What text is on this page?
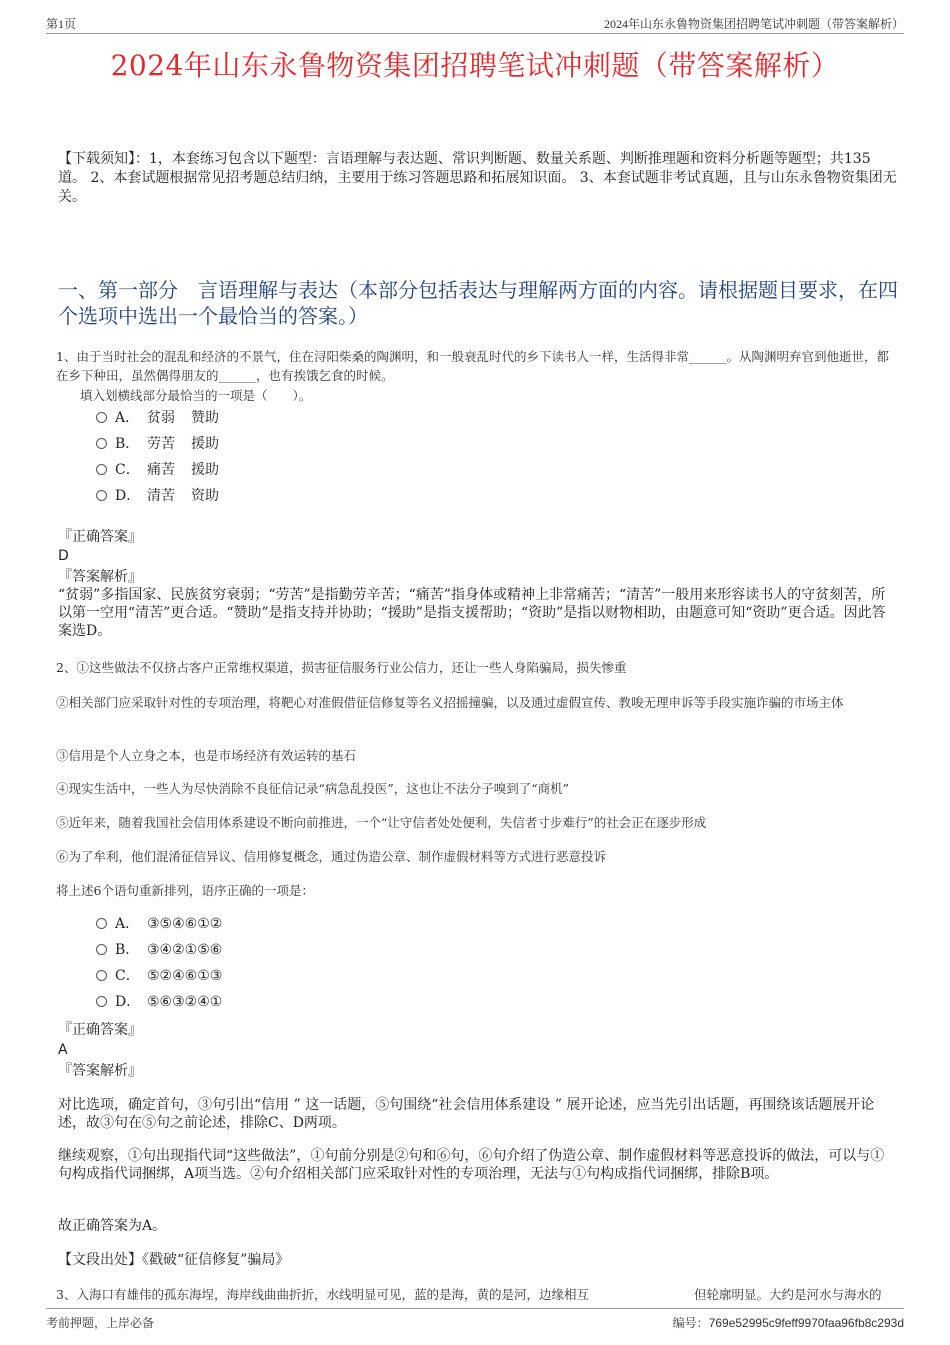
第1页	2024年山东永鲁物资集团招聘笔试冲刺题（带答案解析）
2024年山东永鲁物资集团招聘笔试冲刺题（带答案解析）
【下载须知】：1，本套练习包含以下题型：言语理解与表达题、常识判断题、数量关系题、判断推理题和资料分析题等题型；共135道。 2、本套试题根据常见招考题总结归纳，主要用于练习答题思路和拓展知识面。 3、本套试题非考试真题，且与山东永鲁物资集团无关。
一、第一部分　言语理解与表达（本部分包括表达与理解两方面的内容。请根据题目要求，在四个选项中选出一个最恰当的答案。）
1、由于当时社会的混乱和经济的不景气，住在浔阳柴桑的陶渊明，和一般衰乱时代的乡下读书人一样，生活得非常______。从陶渊明弃官到他逝世，都在乡下种田，虽然偶得朋友的______，也有挨饿乞食的时候。
填入划横线部分最恰当的一项是（　　）。
A． 贫弱 赞助
B． 劳苦 援助
C． 痛苦 援助
D． 清苦 资助
『正确答案』
D
『答案解析』
“贫弱”多指国家、民族贫穷衰弱；“劳苦”是指勤劳辛苦；“痛苦”指身体或精神上非常痛苦；“清苦”一般用来形容读书人的守贫刻苦，所以第一空用“清苦”更合适。“赞助”是指支持并协助；“援助”是指支援帮助；“资助”是指以财物相助，由题意可知“资助”更合适。因此答案选D。
2、①这些做法不仅挤占客户正常维权渠道，损害征信服务行业公信力，还让一些人身陷骗局，损失惨重
②相关部门应采取针对性的专项治理，将靶心对准假借征信修复等名义招摇撞骗，以及通过虚假宣传、教唆无理申诉等手段实施诈骗的市场主体
③信用是个人立身之本，也是市场经济有效运转的基石
④现实生活中，一些人为尽快消除不良征信记录“病急乱投医”，这也让不法分子嗅到了“商机”
⑤近年来，随着我国社会信用体系建设不断向前推进，一个“让守信者处处便利，失信者寸步难行”的社会正在逐步形成
⑥为了牟利，他们混淆征信异议、信用修复概念，通过伪造公章、制作虚假材料等方式进行恶意投诉
将上述6个语句重新排列，语序正确的一项是：
A． ③⑤④⑥①②
B． ③④②①⑤⑥
C． ⑤②④⑥①③
D． ⑤⑥③②④①
『正确答案』
A
『答案解析』
对比选项，确定首句，③句引出“信用 ” 这一话题，⑤句围绕“社会信用体系建设 ” 展开论述，应当先引出话题，再围绕该话题展开论述，故③句在⑤句之前论述，排除C、D两项。
继续观察，①句出现指代词“这些做法”，①句前分别是②句和⑥句，⑥句介绍了伪造公章、制作虚假材料等恶意投诉的做法，可以与①句构成指代词捆绑，A项当选。②句介绍相关部门应采取针对性的专项治理，无法与①句构成指代词捆绑，排除B项。
故正确答案为A。
【文段出处】《戳破“征信修复”骗局》
3、入海口有雄伟的孤东海埕，海岸线曲曲折折，水线明显可见，蓝的是海，黄的是河，边缘相互	但轮廓明显。大约是河水与海水的
考前押题，上岸必备	编号：769e52995c9feff9970faa96fb8c293d
